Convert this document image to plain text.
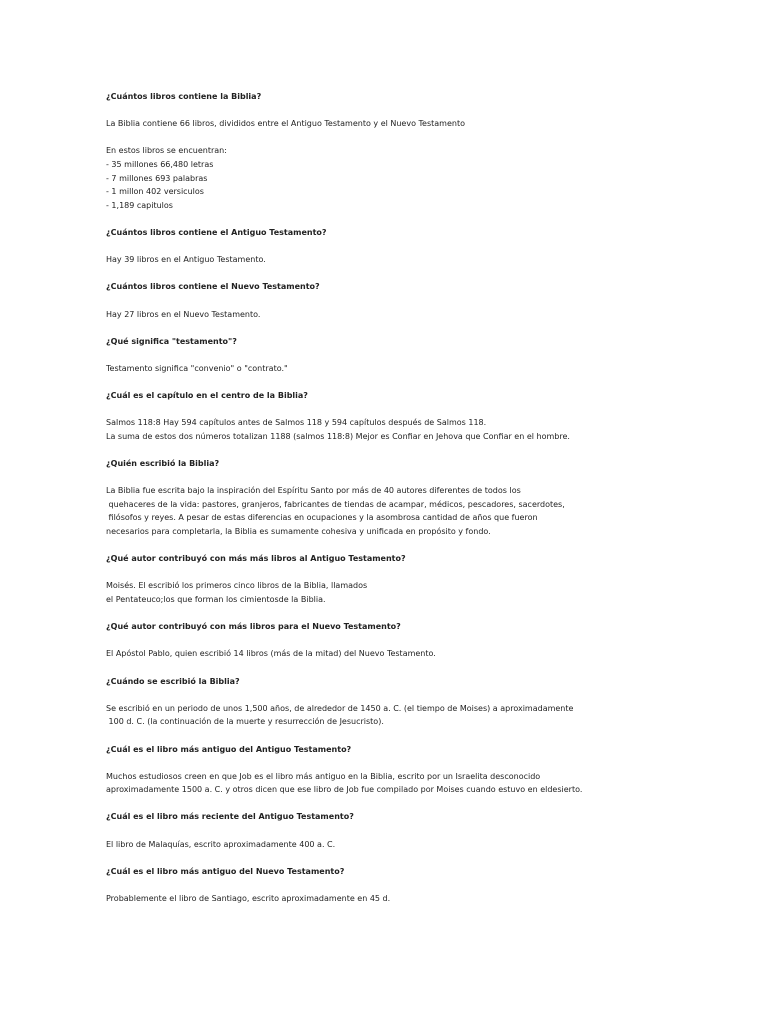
¿Cuántos libros contiene la Biblia?
La Biblia contiene 66 libros, divididos entre el Antiguo Testamento y el Nuevo Testamento
En estos libros se encuentran:
- 35 millones 66,480 letras
- 7 millones 693 palabras
- 1 millon 402 versiculos
- 1,189 capitulos
¿Cuántos libros contiene el Antiguo Testamento?
Hay 39 libros en el Antiguo Testamento.
¿Cuántos libros contiene el Nuevo Testamento?
Hay 27 libros en el Nuevo Testamento.
¿Qué significa "testamento"?
Testamento significa "convenio" o "contrato."
¿Cuál es el capítulo en el centro de la Biblia?
Salmos 118:8 Hay 594 capítulos antes de Salmos 118 y 594 capítulos después de Salmos 118.
La suma de estos dos números totalizan 1188 (salmos 118:8) Mejor es Confiar en Jehova que Confiar en el hombre.
¿Quién escribió la Biblia?
La Biblia fue escrita bajo la inspiración del Espíritu Santo por más de 40 autores diferentes de todos los
quehaceres de la vida: pastores, granjeros, fabricantes de tiendas de acampar, médicos, pescadores, sacerdotes,
filósofos y reyes. A pesar de estas diferencias en ocupaciones y la asombrosa cantidad de años que fueron
necesarios para completarla, la Biblia es sumamente cohesiva y unificada en propósito y fondo.
¿Qué autor contribuyó con más más libros al Antiguo Testamento?
Moisés. El escribió los primeros cinco libros de la Biblia, llamados
el Pentateuco;los que forman los cimientosde la Biblia.
¿Qué autor contribuyó con más libros para el Nuevo Testamento?
El Apóstol Pablo, quien escribió 14 libros (más de la mitad) del Nuevo Testamento.
¿Cuándo se escribió la Biblia?
Se escribió en un periodo de unos 1,500 años, de alrededor de 1450 a. C. (el tiempo de Moises) a aproximadamente
100 d. C. (la continuación de la muerte y resurrección de Jesucristo).
¿Cuál es el libro más antiguo del Antiguo Testamento?
Muchos estudiosos creen en que Job es el libro más antiguo en la Biblia, escrito por un Israelita desconocido
aproximadamente 1500 a. C. y otros dicen que ese libro de Job fue compilado por Moises cuando estuvo en eldesierto.
¿Cuál es el libro más reciente del Antiguo Testamento?
El libro de Malaquías, escrito aproximadamente 400 a. C.
¿Cuál es el libro más antiguo del Nuevo Testamento?
Probablemente el libro de Santiago, escrito aproximadamente en 45 d.
